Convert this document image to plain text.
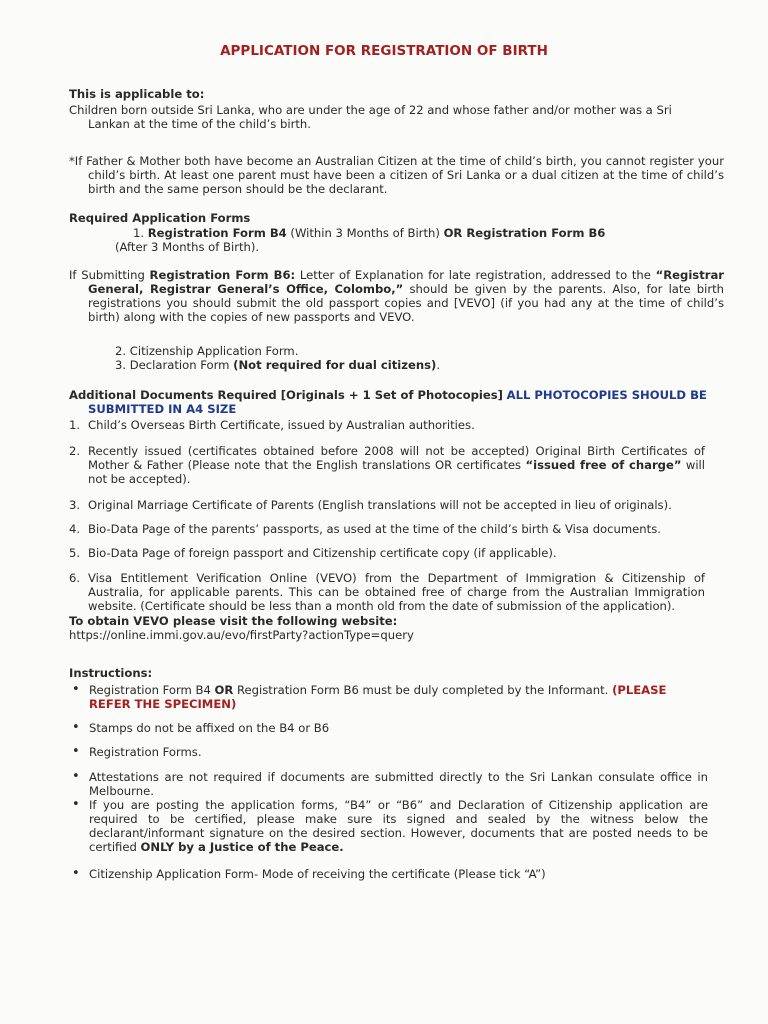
APPLICATION FOR REGISTRATION OF BIRTH
This is applicable to:
Children born outside Sri Lanka, who are under the age of 22 and whose father and/or mother was a Sri Lankan at the time of the child’s birth.
*If Father & Mother both have become an Australian Citizen at the time of child’s birth, you cannot register your child’s birth. At least one parent must have been a citizen of Sri Lanka or a dual citizen at the time of child’s birth and the same person should be the declarant.
Required Application Forms
1. Registration Form B4 (Within 3 Months of Birth) OR Registration Form B6
(After 3 Months of Birth).
If Submitting Registration Form B6: Letter of Explanation for late registration, addressed to the “Registrar General, Registrar General’s Office, Colombo,” should be given by the parents. Also, for late birth registrations you should submit the old passport copies and [VEVO] (if you had any at the time of child’s birth) along with the copies of new passports and VEVO.
2. Citizenship Application Form.
3. Declaration Form (Not required for dual citizens).
Additional Documents Required [Originals + 1 Set of Photocopies] ALL PHOTOCOPIES SHOULD BE SUBMITTED IN A4 SIZE
1. Child’s Overseas Birth Certificate, issued by Australian authorities.
2. Recently issued (certificates obtained before 2008 will not be accepted) Original Birth Certificates of Mother & Father (Please note that the English translations OR certificates “issued free of charge” will not be accepted).
3. Original Marriage Certificate of Parents (English translations will not be accepted in lieu of originals).
4. Bio-Data Page of the parents’ passports, as used at the time of the child’s birth & Visa documents.
5. Bio-Data Page of foreign passport and Citizenship certificate copy (if applicable).
6. Visa Entitlement Verification Online (VEVO) from the Department of Immigration & Citizenship of Australia, for applicable parents. This can be obtained free of charge from the Australian Immigration website. (Certificate should be less than a month old from the date of submission of the application).
To obtain VEVO please visit the following website:
https://online.immi.gov.au/evo/firstParty?actionType=query
Instructions:
• Registration Form B4 OR Registration Form B6 must be duly completed by the Informant. (PLEASE REFER THE SPECIMEN)
• Stamps do not be affixed on the B4 or B6
• Registration Forms.
• Attestations are not required if documents are submitted directly to the Sri Lankan consulate office in Melbourne.
• If you are posting the application forms, “B4” or “B6” and Declaration of Citizenship application are required to be certified, please make sure its signed and sealed by the witness below the declarant/informant signature on the desired section. However, documents that are posted needs to be certified ONLY by a Justice of the Peace.
• Citizenship Application Form- Mode of receiving the certificate (Please tick “A”)
